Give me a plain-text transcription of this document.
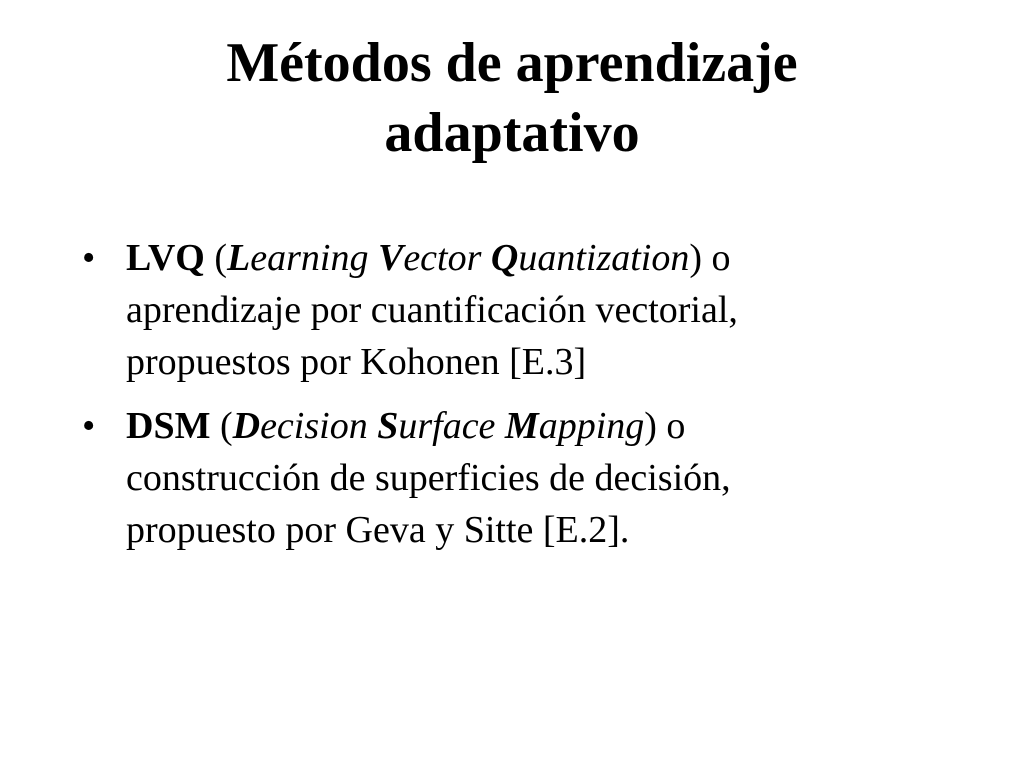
Métodos de aprendizaje
adaptativo
• LVQ (Learning Vector Quantization) o
aprendizaje por cuantificación vectorial,
propuestos por Kohonen [E.3]
• DSM (Decision Surface Mapping) o
construcción de superficies de decisión,
propuesto por Geva y Sitte [E.2].
